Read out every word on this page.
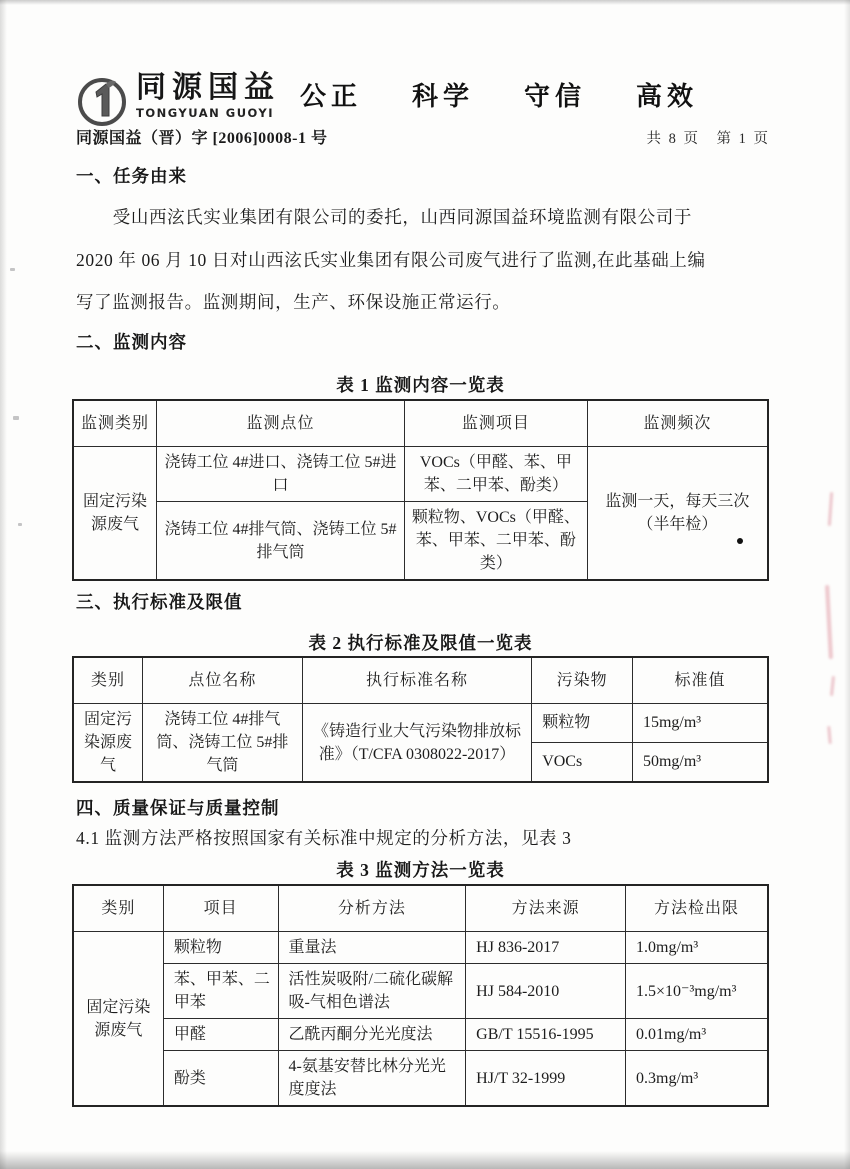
同源国益
TONGYUAN GUOYI
公正 科学 守信 高效
同源国益（晋）字 [2006]0008-1 号	共 8 页　第 1 页
一、任务由来
受山西泫氏实业集团有限公司的委托，山西同源国益环境监测有限公司于
2020 年 06 月 10 日对山西泫氏实业集团有限公司废气进行了监测,在此基础上编
写了监测报告。监测期间，生产、环保设施正常运行。
二、监测内容
表 1 监测内容一览表
监测类别	监测点位	监测项目	监测频次
固定污染源废气	浇铸工位 4#进口、浇铸工位 5#进口	VOCs（甲醛、苯、甲苯、二甲苯、酚类）	监测一天，每天三次（半年检）
	浇铸工位 4#排气筒、浇铸工位 5#排气筒	颗粒物、VOCs（甲醛、苯、甲苯、二甲苯、酚类）	
三、执行标准及限值
表 2 执行标准及限值一览表
类别	点位名称	执行标准名称	污染物	标准值
固定污染源废气	浇铸工位 4#排气筒、浇铸工位 5#排气筒	《铸造行业大气污染物排放标准》（T/CFA 0308022-2017）	颗粒物	15mg/m³
			VOCs	50mg/m³
四、质量保证与质量控制
4.1 监测方法严格按照国家有关标准中规定的分析方法，见表 3
表 3 监测方法一览表
类别	项目	分析方法	方法来源	方法检出限
固定污染源废气	颗粒物	重量法	HJ 836-2017	1.0mg/m³
	苯、甲苯、二甲苯	活性炭吸附/二硫化碳解吸-气相色谱法	HJ 584-2010	1.5×10⁻³mg/m³
	甲醛	乙酰丙酮分光光度法	GB/T 15516-1995	0.01mg/m³
	酚类	4-氨基安替比林分光光度度法	HJ/T 32-1999	0.3mg/m³
